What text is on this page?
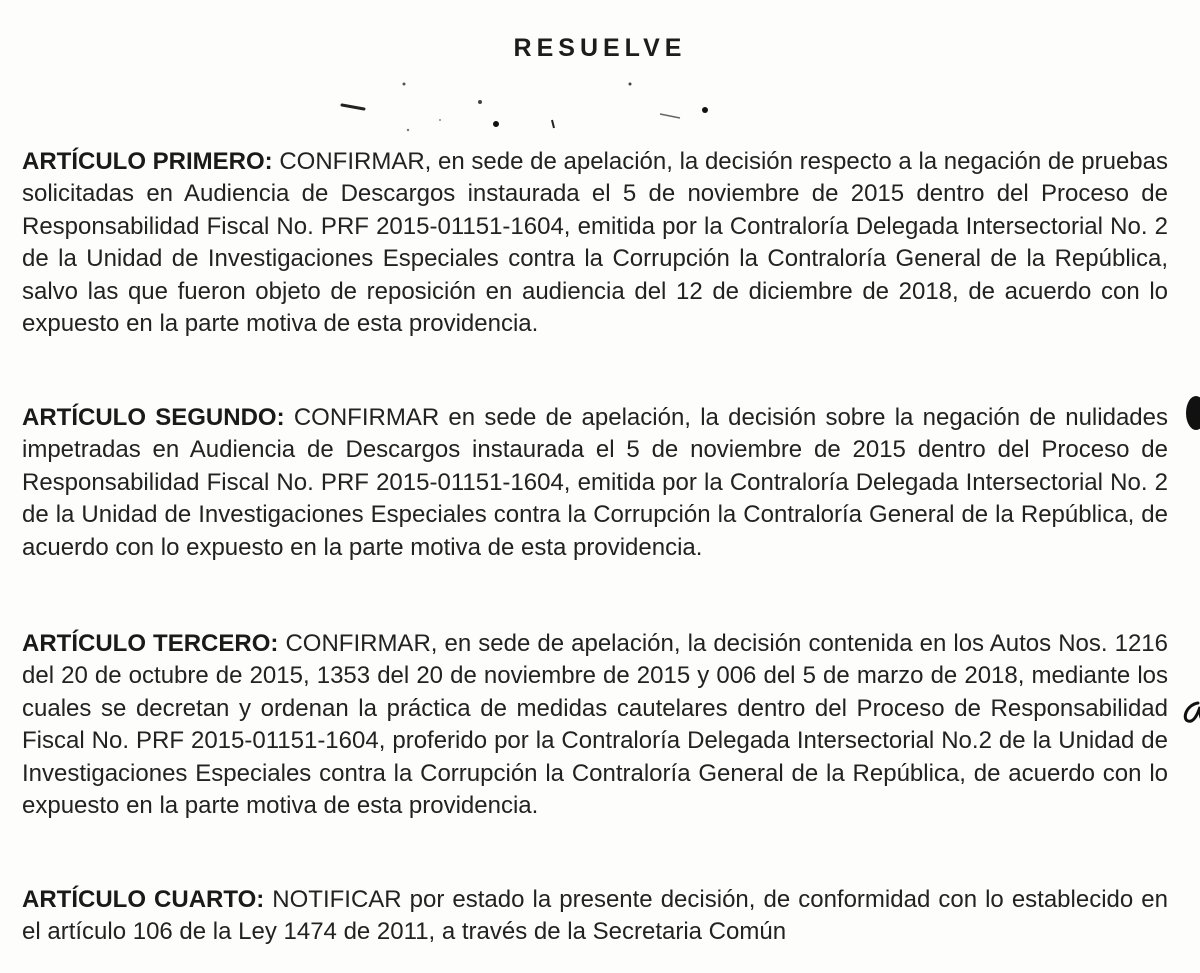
RESUELVE
ARTÍCULO PRIMERO: CONFIRMAR, en sede de apelación, la decisión respecto a la negación de pruebas solicitadas en Audiencia de Descargos instaurada el 5 de noviembre de 2015 dentro del Proceso de Responsabilidad Fiscal No. PRF 2015-01151-1604, emitida por la Contraloría Delegada Intersectorial No. 2 de la Unidad de Investigaciones Especiales contra la Corrupción la Contraloría General de la República, salvo las que fueron objeto de reposición en audiencia del 12 de diciembre de 2018, de acuerdo con lo expuesto en la parte motiva de esta providencia.
ARTÍCULO SEGUNDO: CONFIRMAR en sede de apelación, la decisión sobre la negación de nulidades impetradas en Audiencia de Descargos instaurada el 5 de noviembre de 2015 dentro del Proceso de Responsabilidad Fiscal No. PRF 2015-01151-1604, emitida por la Contraloría Delegada Intersectorial No. 2 de la Unidad de Investigaciones Especiales contra la Corrupción la Contraloría General de la República, de acuerdo con lo expuesto en la parte motiva de esta providencia.
ARTÍCULO TERCERO: CONFIRMAR, en sede de apelación, la decisión contenida en los Autos Nos. 1216 del 20 de octubre de 2015, 1353 del 20 de noviembre de 2015 y 006 del 5 de marzo de 2018, mediante los cuales se decretan y ordenan la práctica de medidas cautelares dentro del Proceso de Responsabilidad Fiscal No. PRF 2015-01151-1604, proferido por la Contraloría Delegada Intersectorial No.2 de la Unidad de Investigaciones Especiales contra la Corrupción la Contraloría General de la República, de acuerdo con lo expuesto en la parte motiva de esta providencia.
ARTÍCULO CUARTO: NOTIFICAR por estado la presente decisión, de conformidad con lo establecido en el artículo 106 de la Ley 1474 de 2011, a través de la Secretaria Común
